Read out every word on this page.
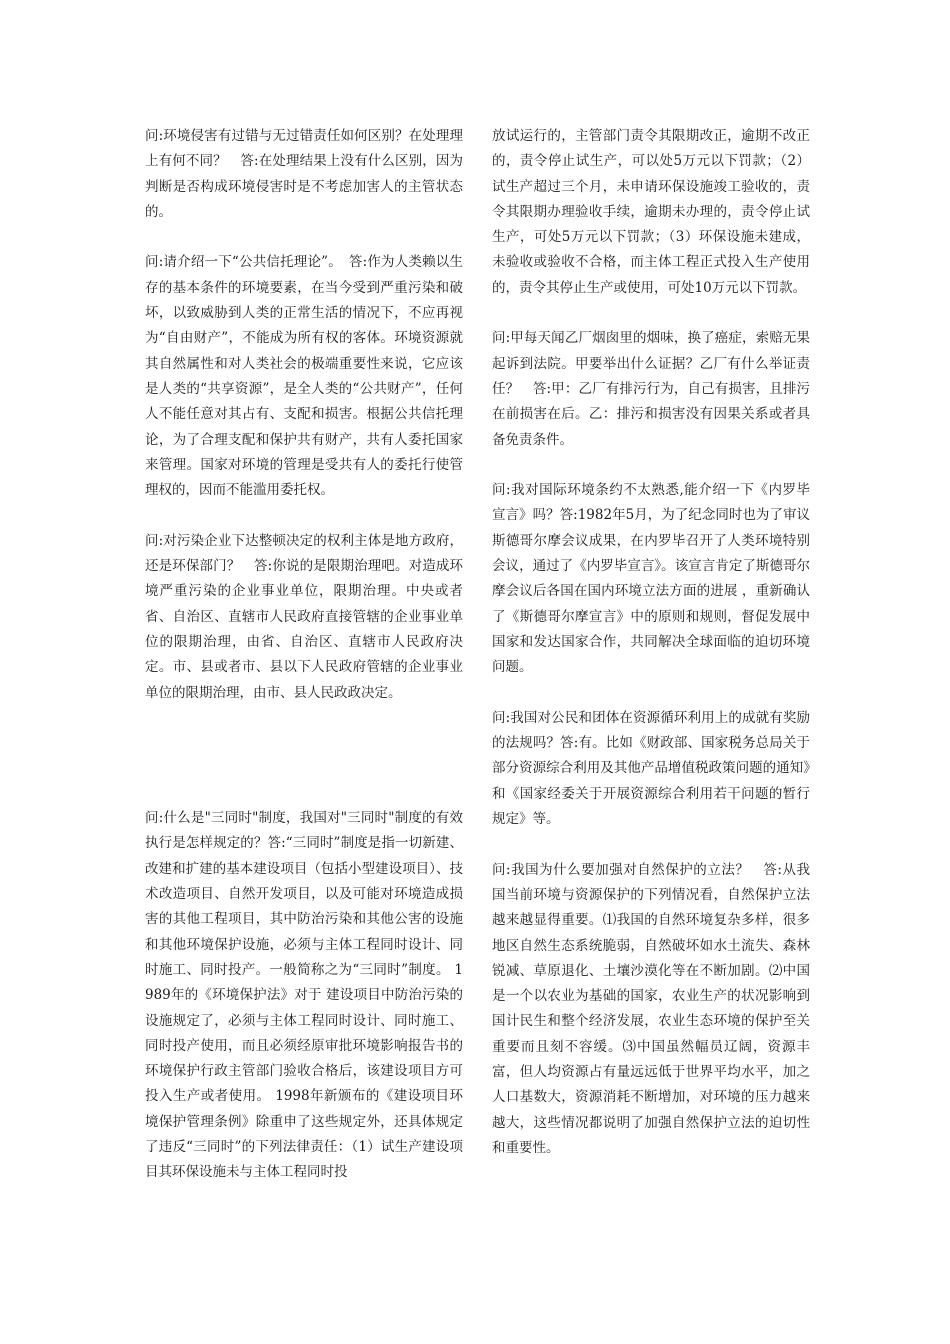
问:环境侵害有过错与无过错责任如何区别？在处理理上有何不同？　答:在处理结果上没有什么区别，因为判断是否构成环境侵害时是不考虑加害人的主管状态的。

问:请介绍一下“公共信托理论”。　答:作为人类赖以生存的基本条件的环境要素，在当今受到严重污染和破坏，以致威胁到人类的正常生活的情况下，不应再视为“自由财产”，不能成为所有权的客体。环境资源就其自然属性和对人类社会的极端重要性来说，它应该是人类的“共享资源”，是全人类的“公共财产”，任何人不能任意对其占有、支配和损害。根据公共信托理论，为了合理支配和保护共有财产，共有人委托国家来管理。国家对环境的管理是受共有人的委托行使管理权的，因而不能滥用委托权。

问:对污染企业下达整顿决定的权利主体是地方政府，还是环保部门？　答:你说的是限期治理吧。对造成环境严重污染的企业事业单位，限期治理。中央或者省、自治区、直辖市人民政府直接管辖的企业事业单位的限期治理，由省、自治区、直辖市人民政府决定。市、县或者市、县以下人民政府管辖的企业事业单位的限期治理，由市、县人民政政决定。

问:什么是"三同时"制度，我国对"三同时"制度的有效执行是怎样规定的？答:“三同时”制度是指一切新建、改建和扩建的基本建设项目（包括小型建设项目）、技术改造项目、自然开发项目，以及可能对环境造成损害的其他工程项目，其中防治污染和其他公害的设施和其他环境保护设施，必须与主体工程同时设计、同时施工、同时投产。一般简称之为“三同时”制度。 1989年的《环境保护法》对于 建设项目中防治污染的设施规定了，必须与主体工程同时设计、同时施工、同时投产使用，而且必须经原审批环境影响报告书的环境保护行政主管部门验收合格后，该建设项目方可投入生产或者使用。 1998年新颁布的《建设项目环境保护管理条例》除重申了这些规定外，还具体规定了违反“三同时”的下列法律责任：（1）试生产建设项目其环保设施未与主体工程同时投

放试运行的，主管部门责令其限期改正，逾期不改正的，责令停止试生产，可以处5万元以下罚款；（2）试生产超过三个月，未申请环保设施竣工验收的，责令其限期办理验收手续，逾期未办理的，责令停止试生产，可处5万元以下罚款；（3）环保设施未建成，未验收或验收不合格，而主体工程正式投入生产使用的，责令其停止生产或使用，可处10万元以下罚款。

问:甲每天闻乙厂烟囱里的烟味，换了癌症，索赔无果起诉到法院。甲要举出什么证据？乙厂有什么举证责任？　答:甲：乙厂有排污行为，自己有损害，且排污在前损害在后。乙：排污和损害没有因果关系或者具备免责条件。

问:我对国际环境条约不太熟悉,能介绍一下《内罗毕宣言》吗？答:1982年5月，为了纪念同时也为了审议斯德哥尔摩会议成果，在内罗毕召开了人类环境特别会议，通过了《内罗毕宣言》。该宣言肯定了斯德哥尔摩会议后各国在国内环境立法方面的进展 ，重新确认了《斯德哥尔摩宣言》中的原则和规则，督促发展中国家和发达国家合作，共同解决全球面临的迫切环境问题。

问:我国对公民和团体在资源循环利用上的成就有奖励的法规吗？答:有。比如《财政部、国家税务总局关于部分资源综合利用及其他产品增值税政策问题的通知》和《国家经委关于开展资源综合利用若干问题的暂行规定》等。

问:我国为什么要加强对自然保护的立法？　答:从我国当前环境与资源保护的下列情况看，自然保护立法越来越显得重要。⑴我国的自然环境复杂多样，很多地区自然生态系统脆弱，自然破坏如水土流失、森林锐减、草原退化、土壤沙漠化等在不断加剧。⑵中国是一个以农业为基础的国家，农业生产的状况影响到国计民生和整个经济发展，农业生态环境的保护至关重要而且刻不容缓。⑶中国虽然幅员辽阔，资源丰富，但人均资源占有量远远低于世界平均水平，加之人口基数大，资源消耗不断增加，对环境的压力越来越大，这些情况都说明了加强自然保护立法的迫切性和重要性。
